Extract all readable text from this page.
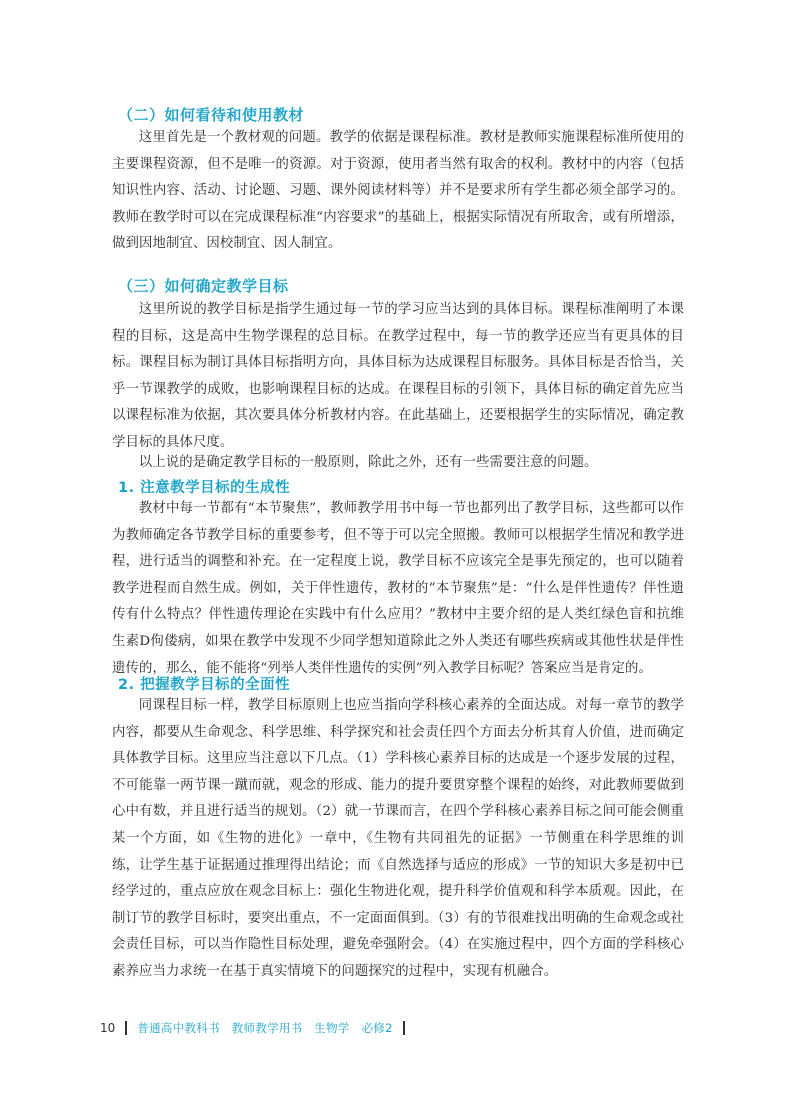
（二）如何看待和使用教材

这里首先是一个教材观的问题。教学的依据是课程标准。教材是教师实施课程标准所使用的主要课程资源，但不是唯一的资源。对于资源，使用者当然有取舍的权利。教材中的内容（包括知识性内容、活动、讨论题、习题、课外阅读材料等）并不是要求所有学生都必须全部学习的。教师在教学时可以在完成课程标准“内容要求”的基础上，根据实际情况有所取舍，或有所增添，做到因地制宜、因校制宜、因人制宜。

（三）如何确定教学目标

这里所说的教学目标是指学生通过每一节的学习应当达到的具体目标。课程标准阐明了本课程的目标，这是高中生物学课程的总目标。在教学过程中，每一节的教学还应当有更具体的目标。课程目标为制订具体目标指明方向，具体目标为达成课程目标服务。具体目标是否恰当，关乎一节课教学的成败，也影响课程目标的达成。在课程目标的引领下，具体目标的确定首先应当以课程标准为依据，其次要具体分析教材内容。在此基础上，还要根据学生的实际情况，确定教学目标的具体尺度。

以上说的是确定教学目标的一般原则，除此之外，还有一些需要注意的问题。

1. 注意教学目标的生成性

教材中每一节都有“本节聚焦”，教师教学用书中每一节也都列出了教学目标，这些都可以作为教师确定各节教学目标的重要参考，但不等于可以完全照搬。教师可以根据学生情况和教学进程，进行适当的调整和补充。在一定程度上说，教学目标不应该完全是事先预定的，也可以随着教学进程而自然生成。例如，关于伴性遗传，教材的“本节聚焦”是：“什么是伴性遗传？伴性遗传有什么特点？伴性遗传理论在实践中有什么应用？”教材中主要介绍的是人类红绿色盲和抗维生素D佝偻病，如果在教学中发现不少同学想知道除此之外人类还有哪些疾病或其他性状是伴性遗传的，那么，能不能将“列举人类伴性遗传的实例”列入教学目标呢？答案应当是肯定的。

2. 把握教学目标的全面性

同课程目标一样，教学目标原则上也应当指向学科核心素养的全面达成。对每一章节的教学内容，都要从生命观念、科学思维、科学探究和社会责任四个方面去分析其育人价值，进而确定具体教学目标。这里应当注意以下几点。（1）学科核心素养目标的达成是一个逐步发展的过程，不可能靠一两节课一蹴而就，观念的形成、能力的提升要贯穿整个课程的始终，对此教师要做到心中有数，并且进行适当的规划。（2）就一节课而言，在四个学科核心素养目标之间可能会侧重某一个方面，如《生物的进化》一章中，《生物有共同祖先的证据》一节侧重在科学思维的训练，让学生基于证据通过推理得出结论；而《自然选择与适应的形成》一节的知识大多是初中已经学过的，重点应放在观念目标上：强化生物进化观，提升科学价值观和科学本质观。因此，在制订节的教学目标时，要突出重点，不一定面面俱到。（3）有的节很难找出明确的生命观念或社会责任目标，可以当作隐性目标处理，避免牵强附会。（4）在实施过程中，四个方面的学科核心素养应当力求统一在基于真实情境下的问题探究的过程中，实现有机融合。

10 普通高中教科书　教师教学用书　生物学　必修2
